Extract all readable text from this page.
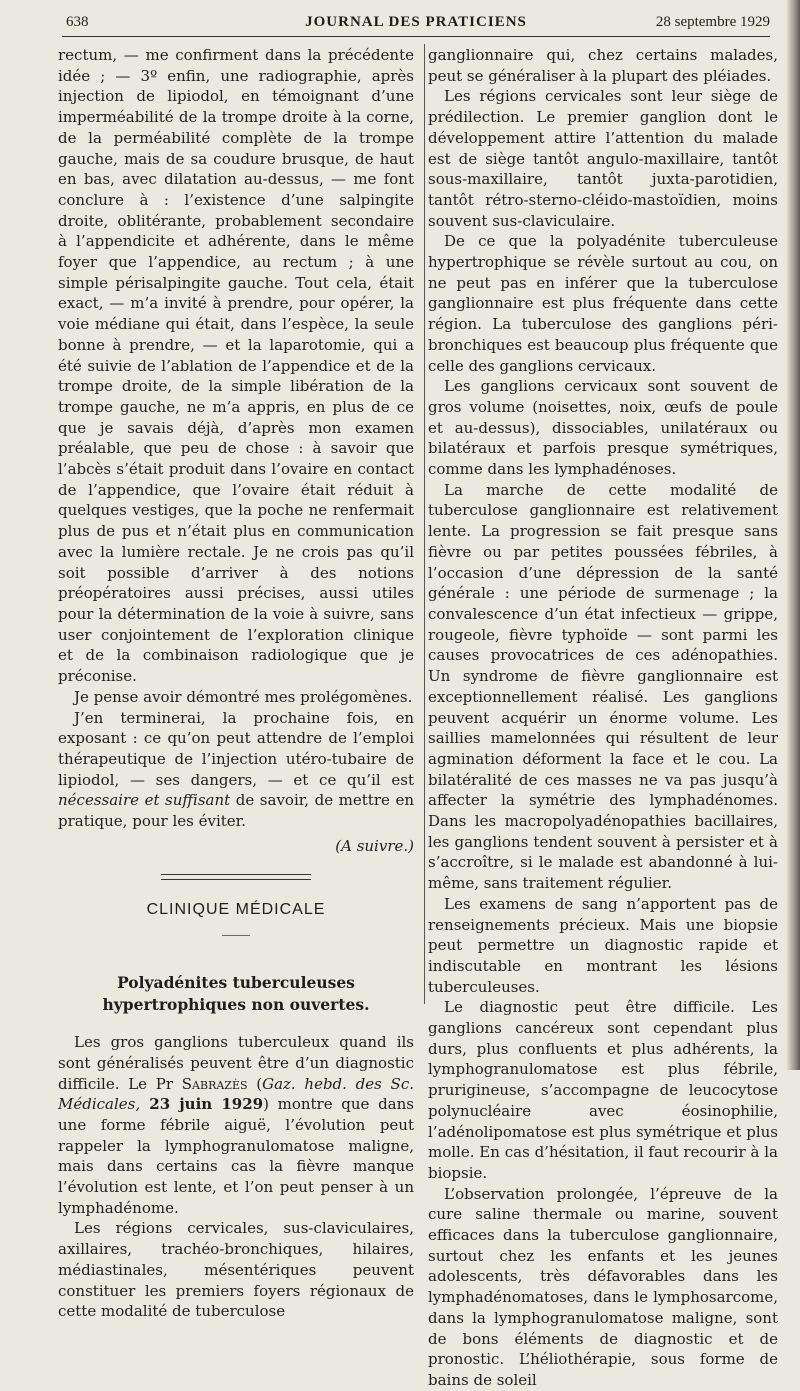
638	JOURNAL DES PRATICIENS	28 septembre 1929

rectum, — me confirment dans la précédente idée ; — 3º enfin, une radiographie, après injection de lipiodol, en témoignant d’une imperméabilité de la trompe droite à la corne, de la perméabilité complète de la trompe gauche, mais de sa coudure brusque, de haut en bas, avec dilatation au-dessus, — me font conclure à : l’existence d’une salpingite droite, oblitérante, probablement secondaire à l’appendicite et adhérente, dans le même foyer que l’appendice, au rectum ; à une simple périsalpingite gauche. Tout cela, était exact, — m’a invité à prendre, pour opérer, la voie médiane qui était, dans l’espèce, la seule bonne à prendre, — et la laparotomie, qui a été suivie de l’ablation de l’appendice et de la trompe droite, de la simple libération de la trompe gauche, ne m’a appris, en plus de ce que je savais déjà, d’après mon examen préalable, que peu de chose : à savoir que l’abcès s’était produit dans l’ovaire en contact de l’appendice, que l’ovaire était réduit à quelques vestiges, que la poche ne renfermait plus de pus et n’était plus en communication avec la lumière rectale. Je ne crois pas qu’il soit possible d’arriver à des notions préopératoires aussi précises, aussi utiles pour la détermination de la voie à suivre, sans user conjointement de l’exploration clinique et de la combinaison radiologique que je préconise.

Je pense avoir démontré mes prolégomènes.

J’en terminerai, la prochaine fois, en exposant : ce qu’on peut attendre de l’emploi thérapeutique de l’injection utéro-tubaire de lipiodol, — ses dangers, — et ce qu’il est nécessaire et suffisant de savoir, de mettre en pratique, pour les éviter.

(A suivre.)

CLINIQUE MÉDICALE
Polyadénites tuberculeuses
hypertrophiques non ouvertes.

Les gros ganglions tuberculeux quand ils sont généralisés peuvent être d’un diagnostic difficile. Le Pr Sabrazès (Gaz. hebd. des Sc. Médicales, 23 juin 1929) montre que dans une forme fébrile aiguë, l’évolution peut rappeler la lymphogranulomatose maligne, mais dans certains cas la fièvre manque l’évolution est lente, et l’on peut penser à un lymphadénome.

Les régions cervicales, sus-claviculaires, axillaires, trachéo-bronchiques, hilaires, médiastinales, mésentériques peuvent constituer les premiers foyers régionaux de cette modalité de tuberculose

ganglionnaire qui, chez certains malades, peut se généraliser à la plupart des pléiades.

Les régions cervicales sont leur siège de prédilection. Le premier ganglion dont le développement attire l’attention du malade est de siège tantôt angulo-maxillaire, tantôt sous-maxillaire, tantôt juxta-parotidien, tantôt rétro-sterno-cléido-mastoïdien, moins souvent sus-claviculaire.

De ce que la polyadénite tuberculeuse hypertrophique se révèle surtout au cou, on ne peut pas en inférer que la tuberculose ganglionnaire est plus fréquente dans cette région. La tuberculose des ganglions péri-bronchiques est beaucoup plus fréquente que celle des ganglions cervicaux.

Les ganglions cervicaux sont souvent de gros volume (noisettes, noix, œufs de poule et au-dessus), dissociables, unilatéraux ou bilatéraux et parfois presque symétriques, comme dans les lymphadénoses.

La marche de cette modalité de tuberculose ganglionnaire est relativement lente. La progression se fait presque sans fièvre ou par petites poussées fébriles, à l’occasion d’une dépression de la santé générale : une période de surmenage ; la convalescence d’un état infectieux — grippe, rougeole, fièvre typhoïde — sont parmi les causes provocatrices de ces adénopathies. Un syndrome de fièvre ganglionnaire est exceptionnellement réalisé. Les ganglions peuvent acquérir un énorme volume. Les saillies mamelonnées qui résultent de leur agmination déforment la face et le cou. La bilatéralité de ces masses ne va pas jusqu’à affecter la symétrie des lymphadénomes. Dans les macropolyadénopathies bacillaires, les ganglions tendent souvent à persister et à s’accroître, si le malade est abandonné à lui-même, sans traitement régulier.

Les examens de sang n’apportent pas de renseignements précieux. Mais une biopsie peut permettre un diagnostic rapide et indiscutable en montrant les lésions tuberculeuses.

Le diagnostic peut être difficile. Les ganglions cancéreux sont cependant plus durs, plus confluents et plus adhérents, la lymphogranulomatose est plus fébrile, prurigineuse, s’accompagne de leucocytose polynucléaire avec éosinophilie, l’adénolipomatose est plus symétrique et plus molle. En cas d’hésitation, il faut recourir à la biopsie.

L’observation prolongée, l’épreuve de la cure saline thermale ou marine, souvent efficaces dans la tuberculose ganglionnaire, surtout chez les enfants et les jeunes adolescents, très défavorables dans les lymphadénomatoses, dans le lymphosarcome, dans la lymphogranulomatose maligne, sont de bons éléments de diagnostic et de pronostic. L’héliothérapie, sous forme de bains de soleil
